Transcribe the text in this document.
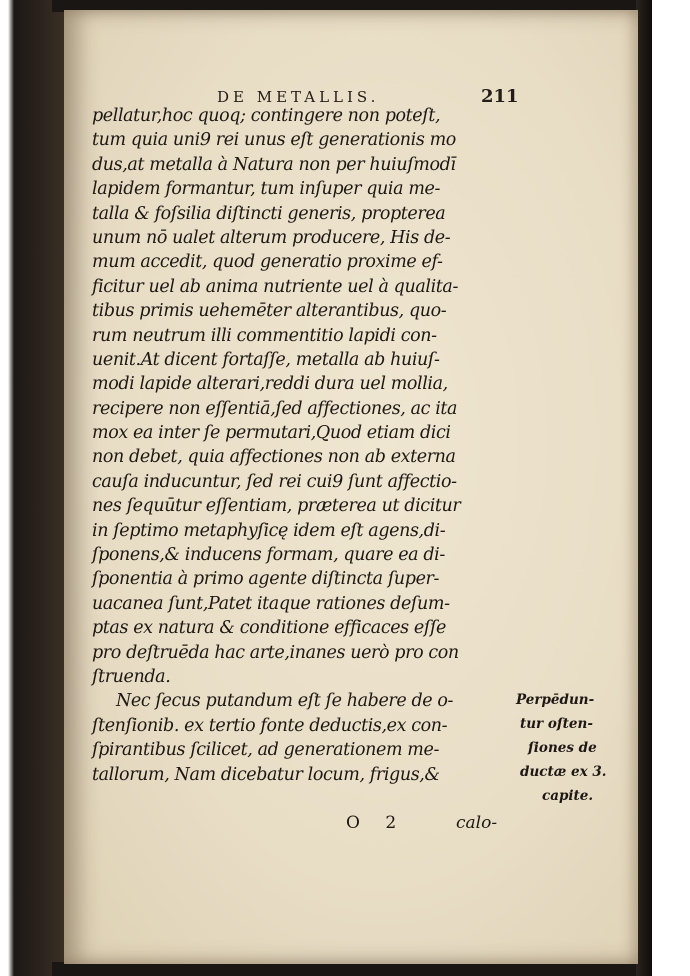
DE METALLIS.	211

pellatur,hoc quoq; contingere non poteſt,
tum quia uni9 rei unus eſt generationis mo
dus,at metalla à Natura non per huiuſmodī
lapidem formantur, tum inſuper quia me-
talla & foſsilia diſtincti generis, propterea
unum nō ualet alterum producere, His de-
mum accedit, quod generatio proxime ef-
ficitur uel ab anima nutriente uel à qualita-
tibus primis uehemēter alterantibus, quo-
rum neutrum illi commentitio lapidi con-
uenit.At dicent fortaſſe, metalla ab huiuſ-
modi lapide alterari,reddi dura uel mollia,
recipere non eſſentiā,ſed affectiones, ac ita
mox ea inter ſe permutari,Quod etiam dici
non debet, quia affectiones non ab externa
cauſa inducuntur, ſed rei cui9 ſunt affectio-
nes ſequūtur eſſentiam, præterea ut dicitur
in ſeptimo metaphyſicę idem eſt agens,di-
ſponens,& inducens formam, quare ea di-
ſponentia à primo agente diſtincta ſuper-
uacanea ſunt,Patet itaque rationes deſum-
ptas ex natura & conditione efficaces eſſe
pro deſtruēda hac arte,inanes uerò pro con
ſtruenda.
Nec ſecus putandum eſt ſe habere de o-
ſtenſionib. ex tertio fonte deductis,ex con-
ſpirantibus ſcilicet, ad generationem me-
tallorum, Nam dicebatur locum, frigus,&
Perpēdun-
tur oſten-
ſiones de
ductæ ex 3.
capite.

O 2	calo-
